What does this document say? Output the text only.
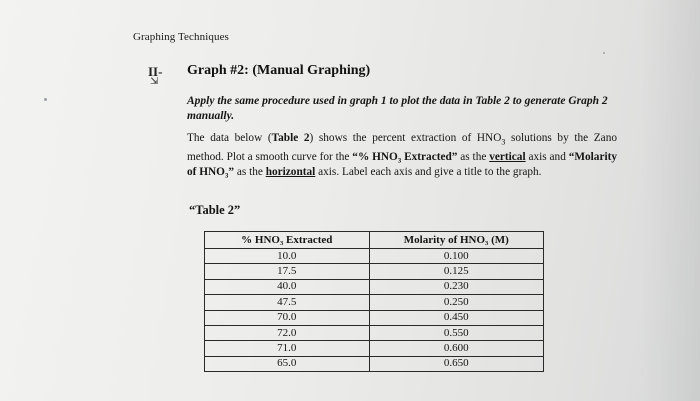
Graphing Techniques
II-
⇲
Graph #2: (Manual Graphing)
Apply the same procedure used in graph 1 to plot the data in Table 2 to generate Graph 2 manually.
The data below (Table 2) shows the percent extraction of $HNO_3$ solutions by the Zano method. Plot a smooth curve for the “% HNO₃ Extracted” as the vertical axis and “Molarity of HNO₃” as the horizontal axis. Label each axis and give a title to the graph.
“Table 2”
% HNO₃ Extracted	Molarity of HNO₃ (M)
10.0	0.100
17.5	0.125
40.0	0.230
47.5	0.250
70.0	0.450
72.0	0.550
71.0	0.600
65.0	0.650
